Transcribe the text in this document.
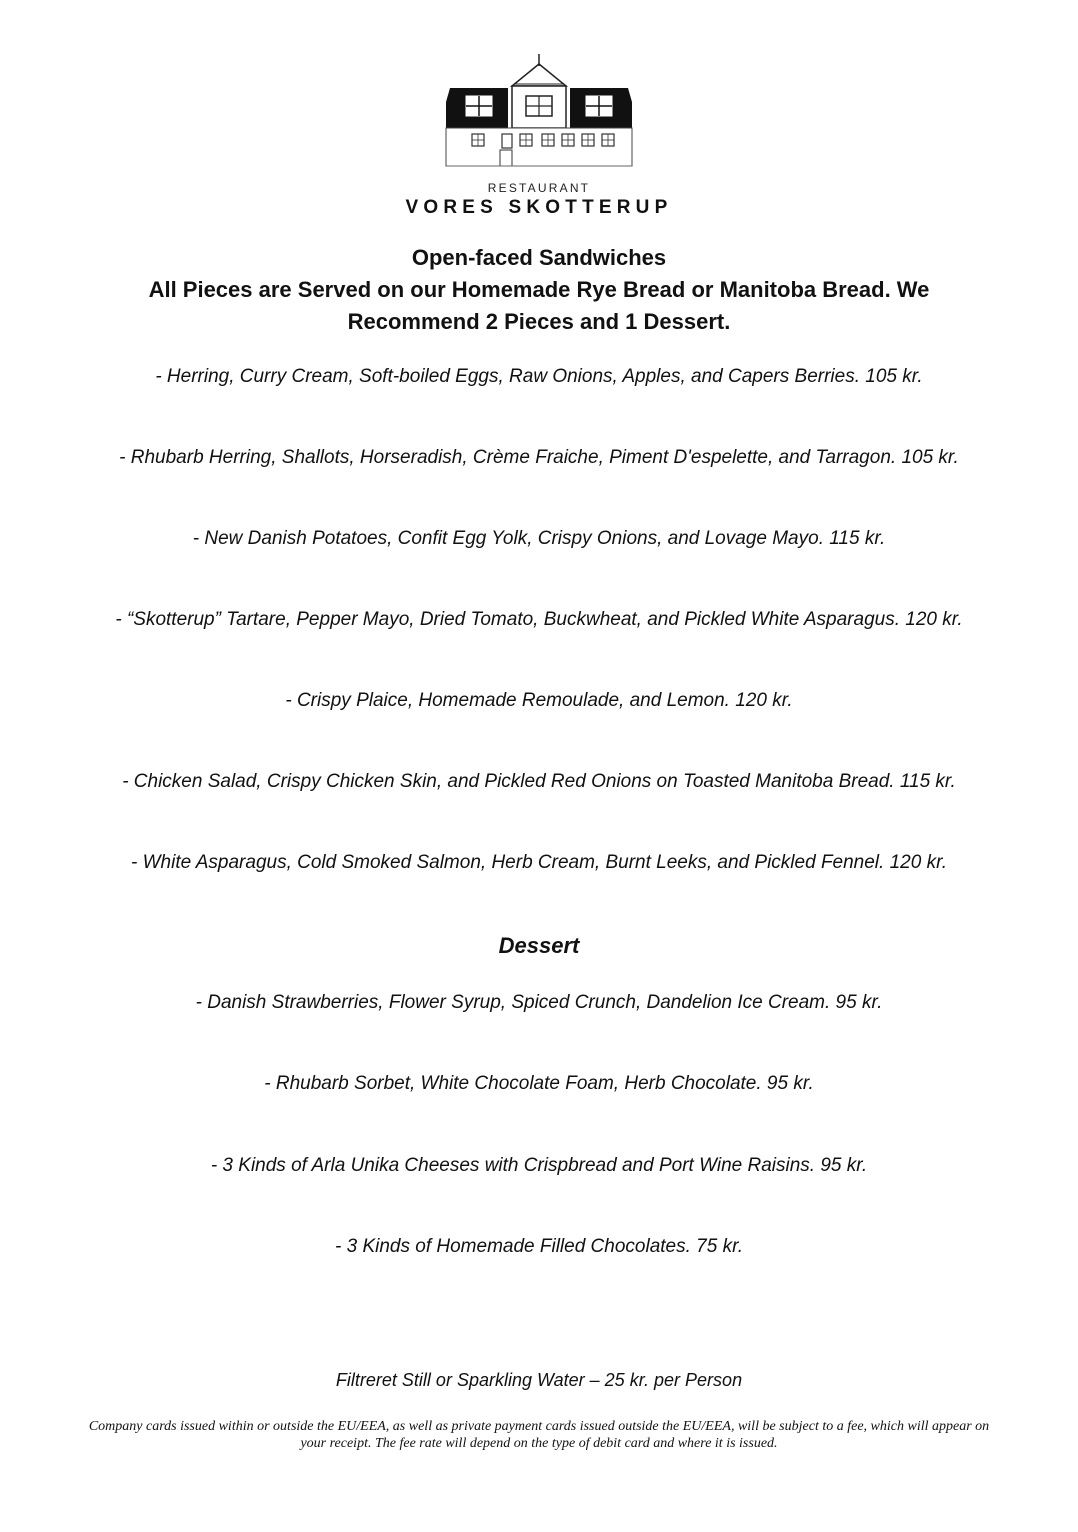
RESTAURANT
VORES SKOTTERUP
Open-faced Sandwiches
All Pieces are Served on our Homemade Rye Bread or Manitoba Bread. We
Recommend 2 Pieces and 1 Dessert.
- Herring, Curry Cream, Soft-boiled Eggs, Raw Onions, Apples, and Capers Berries. 105 kr.
- Rhubarb Herring, Shallots, Horseradish, Crème Fraiche, Piment D'espelette, and Tarragon. 105 kr.
- New Danish Potatoes, Confit Egg Yolk, Crispy Onions, and Lovage Mayo. 115 kr.
- “Skotterup” Tartare, Pepper Mayo, Dried Tomato, Buckwheat, and Pickled White Asparagus. 120 kr.
- Crispy Plaice, Homemade Remoulade, and Lemon. 120 kr.
- Chicken Salad, Crispy Chicken Skin, and Pickled Red Onions on Toasted Manitoba Bread. 115 kr.
- White Asparagus, Cold Smoked Salmon, Herb Cream, Burnt Leeks, and Pickled Fennel. 120 kr.
Dessert
- Danish Strawberries, Flower Syrup, Spiced Crunch, Dandelion Ice Cream. 95 kr.
- Rhubarb Sorbet, White Chocolate Foam, Herb Chocolate. 95 kr.
- 3 Kinds of Arla Unika Cheeses with Crispbread and Port Wine Raisins. 95 kr.
- 3 Kinds of Homemade Filled Chocolates. 75 kr.
Filtreret Still or Sparkling Water – 25 kr. per Person
Company cards issued within or outside the EU/EEA, as well as private payment cards issued outside the EU/EEA, will be subject to a fee, which will appear on
your receipt. The fee rate will depend on the type of debit card and where it is issued.
